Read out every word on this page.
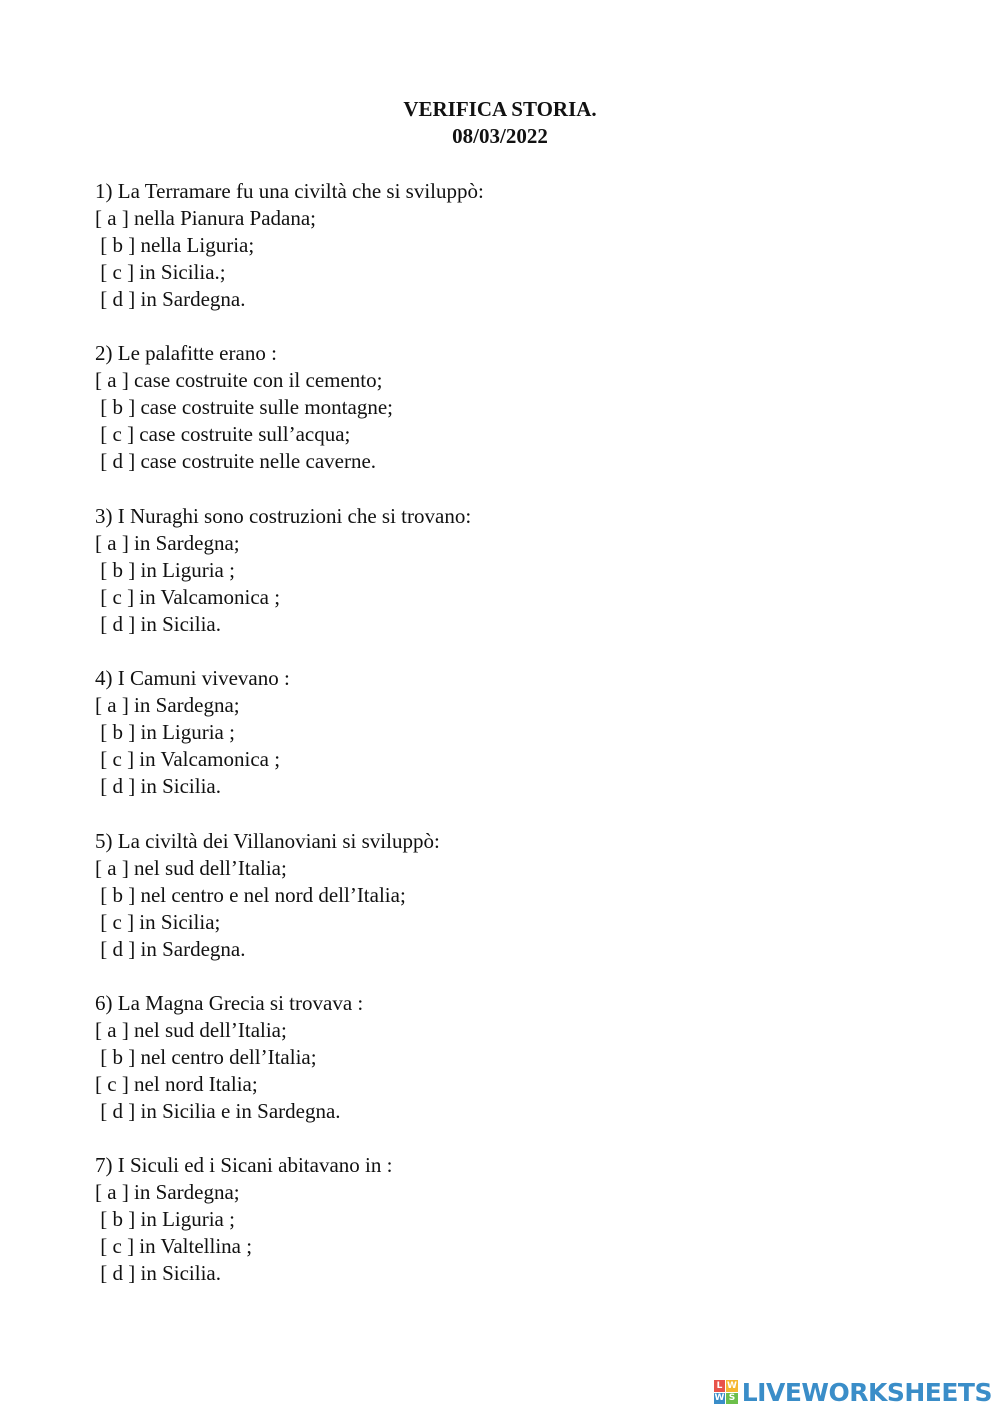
VERIFICA STORIA.
08/03/2022
1) La Terramare fu una civiltà che si sviluppò:
[ a ] nella Pianura Padana;
[ b ] nella Liguria;
[ c ] in Sicilia.;
[ d ] in Sardegna.
2) Le palafitte erano :
[ a ] case costruite con il cemento;
[ b ] case costruite sulle montagne;
[ c ] case costruite sull’acqua;
[ d ] case costruite nelle caverne.
3) I Nuraghi sono costruzioni che si trovano:
[ a ] in Sardegna;
[ b ] in Liguria ;
[ c ] in Valcamonica ;
[ d ] in Sicilia.
4) I Camuni vivevano :
[ a ] in Sardegna;
[ b ] in Liguria ;
[ c ] in Valcamonica ;
[ d ] in Sicilia.
5) La civiltà dei Villanoviani si sviluppò:
[ a ] nel sud dell’Italia;
[ b ] nel centro e nel nord dell’Italia;
[ c ] in Sicilia;
[ d ] in Sardegna.
6) La Magna Grecia si trovava :
[ a ] nel sud dell’Italia;
[ b ] nel centro dell’Italia;
[ c ] nel nord Italia;
[ d ] in Sicilia e in Sardegna.
7) I Siculi ed i Sicani abitavano in :
[ a ] in Sardegna;
[ b ] in Liguria ;
[ c ] in Valtellina ;
[ d ] in Sicilia.
L W
W S LIVEWORKSHEETS
